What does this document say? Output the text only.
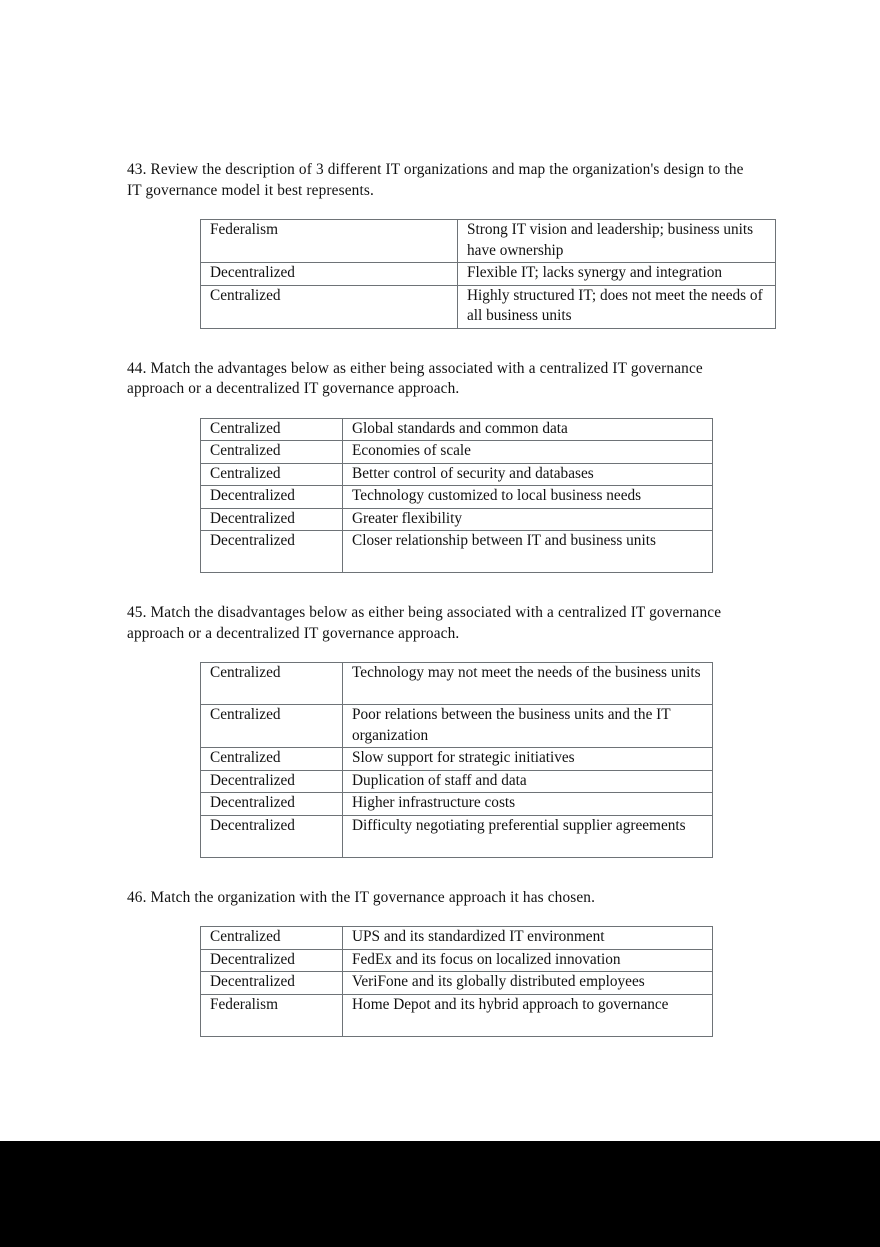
43. Review the description of 3 different IT organizations and map the organization's design to the IT governance model it best represents.

Federalism	Strong IT vision and leadership; business units have ownership
Decentralized	Flexible IT; lacks synergy and integration
Centralized	Highly structured IT; does not meet the needs of all business units

44. Match the advantages below as either being associated with a centralized IT governance approach or a decentralized IT governance approach.

Centralized	Global standards and common data
Centralized	Economies of scale
Centralized	Better control of security and databases
Decentralized	Technology customized to local business needs
Decentralized	Greater flexibility
Decentralized	Closer relationship between IT and business units

45. Match the disadvantages below as either being associated with a centralized IT governance approach or a decentralized IT governance approach.

Centralized	Technology may not meet the needs of the business units
Centralized	Poor relations between the business units and the IT organization
Centralized	Slow support for strategic initiatives
Decentralized	Duplication of staff and data
Decentralized	Higher infrastructure costs
Decentralized	Difficulty negotiating preferential supplier agreements

46. Match the organization with the IT governance approach it has chosen.

Centralized	UPS and its standardized IT environment
Decentralized	FedEx and its focus on localized innovation
Decentralized	VeriFone and its globally distributed employees
Federalism	Home Depot and its hybrid approach to governance
